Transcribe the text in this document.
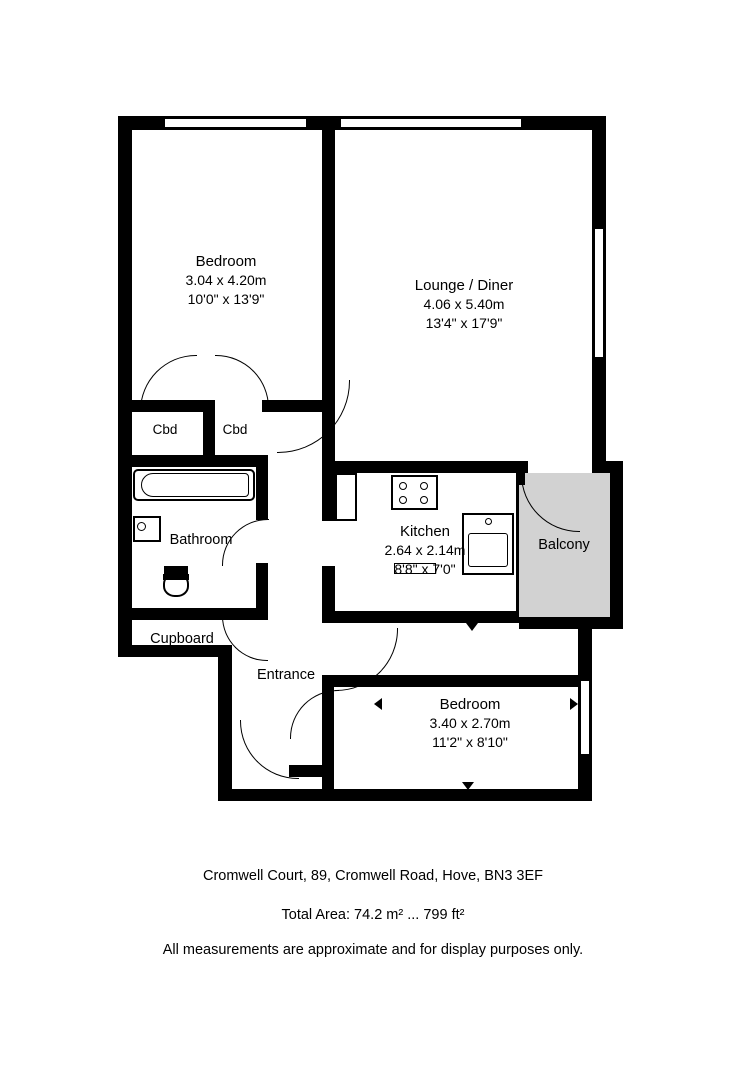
Bedroom
3.04 x 4.20m
10'0" x 13'9"
Lounge / Diner
4.06 x 5.40m
13'4" x 17'9"
Kitchen
2.64 x 2.14m
8'8" x 7'0"
Bedroom
3.40 x 2.70m
11'2" x 8'10"
Cbd	Cbd
Bathroom
Cupboard
Entrance
Balcony
Cromwell Court, 89, Cromwell Road, Hove, BN3 3EF
Total Area: 74.2 m² ... 799 ft²
All measurements are approximate and for display purposes only.
